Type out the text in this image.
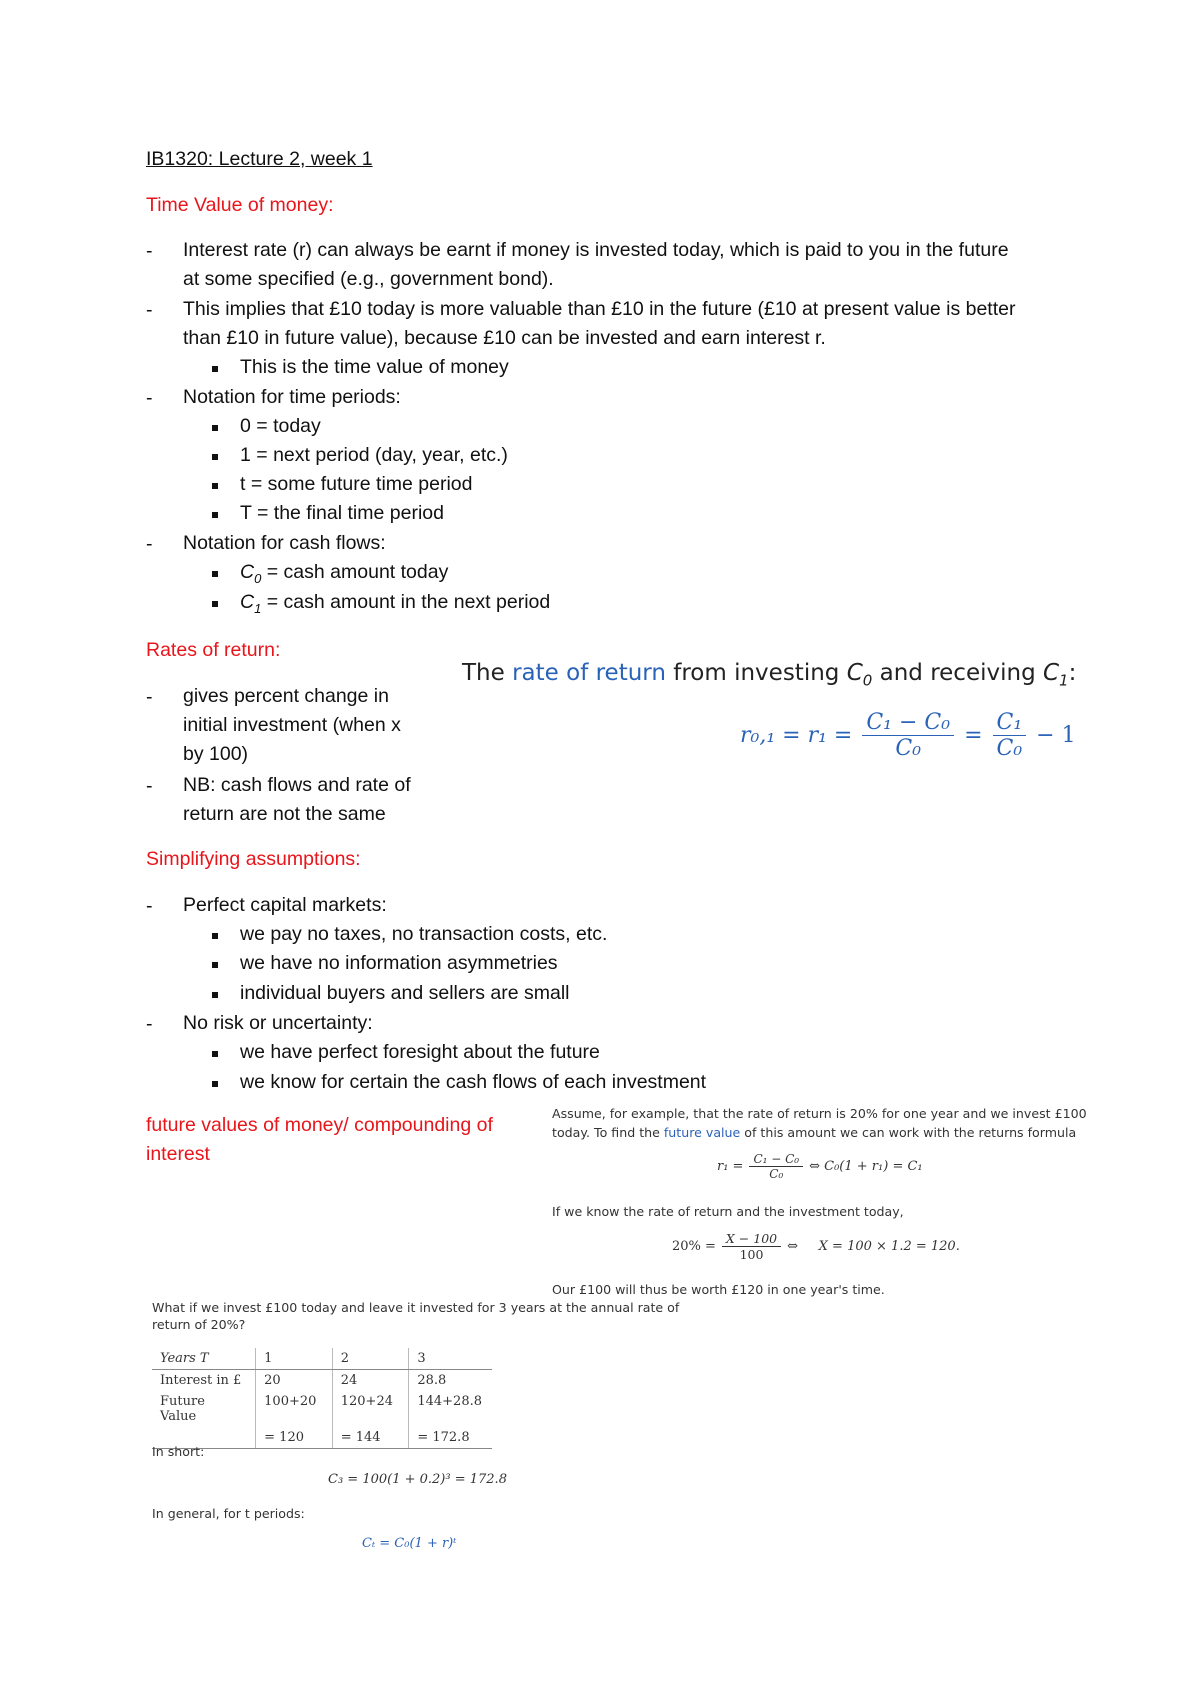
IB1320: Lecture 2, week 1
Time Value of money:
- Interest rate (r) can always be earnt if money is invested today, which is paid to you in the future
at some specified (e.g., government bond).
- This implies that £10 today is more valuable than £10 in the future (£10 at present value is better
than £10 in future value), because £10 can be invested and earn interest r.
This is the time value of money
- Notation for time periods:
0 = today
1 = next period (day, year, etc.)
t = some future time period
T = the final time period
- Notation for cash flows:
$C_0$ = cash amount today
$C_1$ = cash amount in the next period
Rates of return:
- gives percent change in
initial investment (when x
by 100)
- NB: cash flows and rate of
return are not the same
The rate of return from investing $C_0$ and receiving $C_1$:
$r_0,_1 = r_1 = \frac{\text{C₁ − C₀}}{\text{C₀}} = \frac{\text{C₁}}{\text{C₀}} - 1$
Simplifying assumptions:
- Perfect capital markets:
we pay no taxes, no transaction costs, etc.
we have no information asymmetries
individual buyers and sellers are small
- No risk or uncertainty:
we have perfect foresight about the future
we know for certain the cash flows of each investment
future values of money/ compounding of
interest
Assume, for example, that the rate of return is 20% for one year and we invest £100
today. To find the future value of this amount we can work with the returns formula
$r_1 = \frac{\text{C₁ − C₀}}{\text{C₀}}$ ⇔ C₀(1 + r₁) = C₁
If we know the rate of return and the investment today,
$20\% = \frac{X - 100}{100}$ ⇔     X = 100 × 1.2 = 120.
Our £100 will thus be worth £120 in one year's time.
What if we invest £100 today and leave it invested for 3 years at the annual rate of
return of 20%?
Years T	1	2	3
Interest in £	20	24	28.8
Future Value	100+20	120+24	144+28.8
	= 120	= 144	= 172.8
In short:
C₃ = 100(1 + 0.2)³ = 172.8
In general, for t periods:
Cₜ = C₀(1 + r)ᵗ
